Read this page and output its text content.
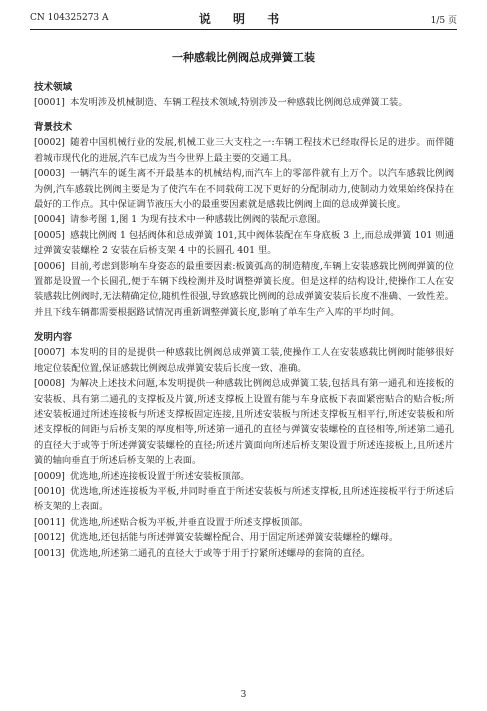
CN 104325273 A	说 明 书	1/5 页
一种感载比例阀总成弹簧工装
技术领域

[0001] 本发明涉及机械制造、车辆工程技术领域,特别涉及一种感载比例阀总成弹簧工装。

背景技术

[0002] 随着中国机械行业的发展,机械工业三大支柱之一:车辆工程技术已经取得长足的进步。而伴随着城市现代化的进展,汽车已成为当今世界上最主要的交通工具。

[0003] 一辆汽车的诞生离不开最基本的机械结构,而汽车上的零部件就有上万个。以汽车感载比例阀为例,汽车感载比例阀主要是为了使汽车在不同载荷工况下更好的分配制动力,使制动力效果始终保持在最好的工作点。其中保证调节液压大小的最重要因素就是感载比例阀上面的总成弹簧长度。

[0004] 请参考图 1,图 1 为现有技术中一种感载比例阀的装配示意图。

[0005] 感载比例阀 1 包括阀体和总成弹簧 101,其中阀体装配在车身底板 3 上,而总成弹簧 101 则通过弹簧安装螺栓 2 安装在后桥支架 4 中的长圆孔 401 里。

[0006] 目前,考虑到影响车身姿态的最重要因素:板簧弧高的制造精度,车辆上安装感载比例阀弹簧的位置都是设置一个长圆孔,便于车辆下线检测并及时调整弹簧长度。但是这样的结构设计,使操作工人在安装感载比例阀时,无法精确定位,随机性很强,导致感载比例阀的总成弹簧安装后长度不准确、一致性差。并且下线车辆都需要根据路试情况再重新调整弹簧长度,影响了单车生产入库的平均时间。

发明内容

[0007] 本发明的目的是提供一种感载比例阀总成弹簧工装,使操作工人在安装感载比例阀时能够很好地定位装配位置,保证感载比例阀总成弹簧安装后长度一致、准确。

[0008] 为解决上述技术问题,本发明提供一种感载比例阀总成弹簧工装,包括具有第一通孔和连接板的安装板、具有第二通孔的支撑板及片簧,所述支撑板上设置有能与车身底板下表面紧密贴合的贴合板;所述安装板通过所述连接板与所述支撑板固定连接,且所述安装板与所述支撑板互相平行,所述安装板和所述支撑板的间距与后桥支架的厚度相等,所述第一通孔的直径与弹簧安装螺栓的直径相等,所述第二通孔的直径大于或等于所述弹簧安装螺栓的直径;所述片簧面向所述后桥支架设置于所述连接板上,且所述片簧的轴向垂直于所述后桥支架的上表面。

[0009] 优选地,所述连接板设置于所述安装板顶部。

[0010] 优选地,所述连接板为平板,并同时垂直于所述安装板与所述支撑板,且所述连接板平行于所述后桥支架的上表面。

[0011] 优选地,所述贴合板为平板,并垂直设置于所述支撑板顶部。

[0012] 优选地,还包括能与所述弹簧安装螺栓配合、用于固定所述弹簧安装螺栓的螺母。

[0013] 优选地,所述第二通孔的直径大于或等于用于拧紧所述螺母的套筒的直径。

3
